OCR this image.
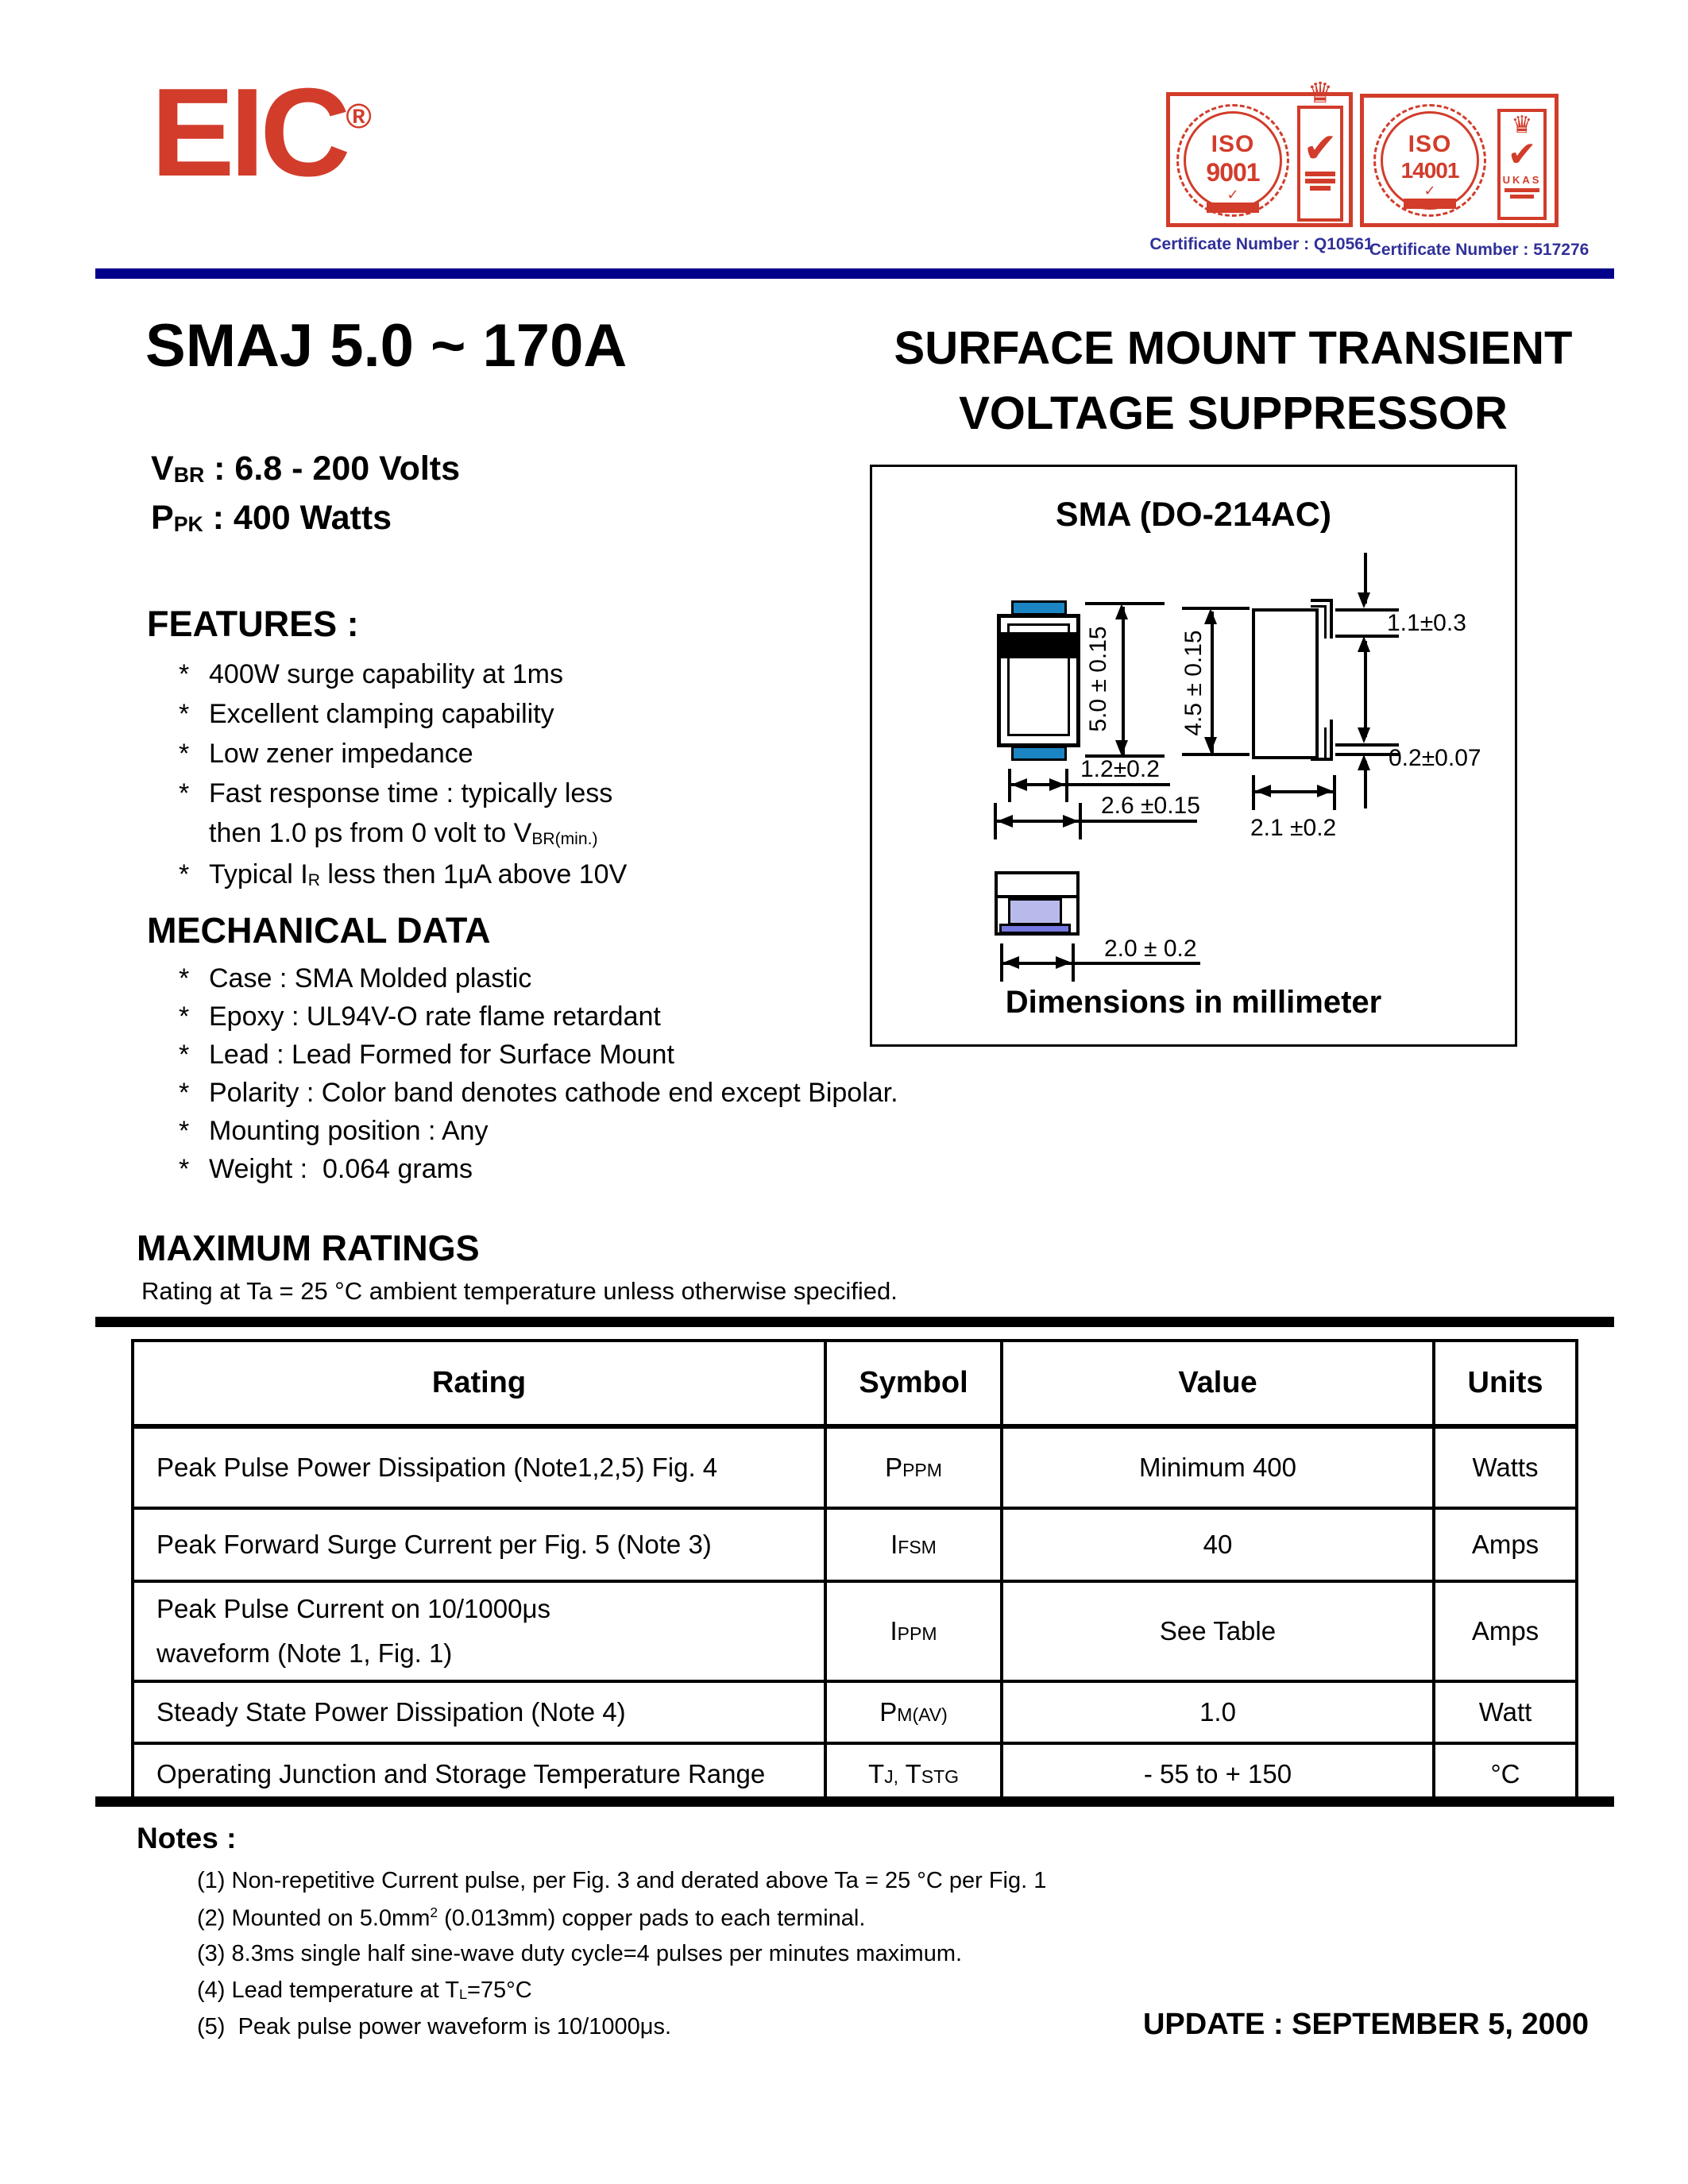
EIC®
ISO
9001
✓
♛
✔
Certificate Number : Q10561
ISO
14001
✓
♛
✔
UKAS
Certificate Number : 517276
SMAJ 5.0 ~ 170A	SURFACE MOUNT TRANSIENT
VOLTAGE SUPPRESSOR
VBR : 6.8 - 200 Volts
PPK : 400 Watts
FEATURES :
* 400W surge capability at 1ms
* Excellent clamping capability
* Low zener impedance
* Fast response time : typically less
then 1.0 ps from 0 volt to VBR(min.)
* Typical IR less then 1μA above 10V
MECHANICAL DATA
* Case : SMA Molded plastic
* Epoxy : UL94V-O rate flame retardant
* Lead : Lead Formed for Surface Mount
* Polarity : Color band denotes cathode end except Bipolar.
* Mounting position : Any
* Weight :  0.064 grams
SMA (DO-214AC)
5.0 ± 0.15
1.2±0.2
2.6 ±0.15
4.5 ± 0.15
1.1±0.3
0.2±0.07
2.1 ±0.2
2.0 ± 0.2
Dimensions in millimeter
MAXIMUM RATINGS
Rating at Ta = 25 °C ambient temperature unless otherwise specified.
Rating	Symbol	Value	Units
Peak Pulse Power Dissipation (Note1,2,5) Fig. 4	PPPM	Minimum 400	Watts
Peak Forward Surge Current per Fig. 5 (Note 3)	IFSM	40	Amps

Peak Pulse Current on 10/1000μs
waveform (Note 1, Fig. 1)	IPPM	See Table	Amps
Steady State Power Dissipation (Note 4)	PM(AV)	1.0	Watt
Operating Junction and Storage Temperature Range	TJ, TSTG	- 55 to + 150	°C
Notes :
(1) Non-repetitive Current pulse, per Fig. 3 and derated above Ta = 25 °C per Fig. 1
(2) Mounted on $5.0mm^2$ (0.013mm) copper pads to each terminal.
(3) 8.3ms single half sine-wave duty cycle=4 pulses per minutes maximum.
(4) Lead temperature at TL=75°C
(5)  Peak pulse power waveform is 10/1000μs.	UPDATE : SEPTEMBER 5, 2000
